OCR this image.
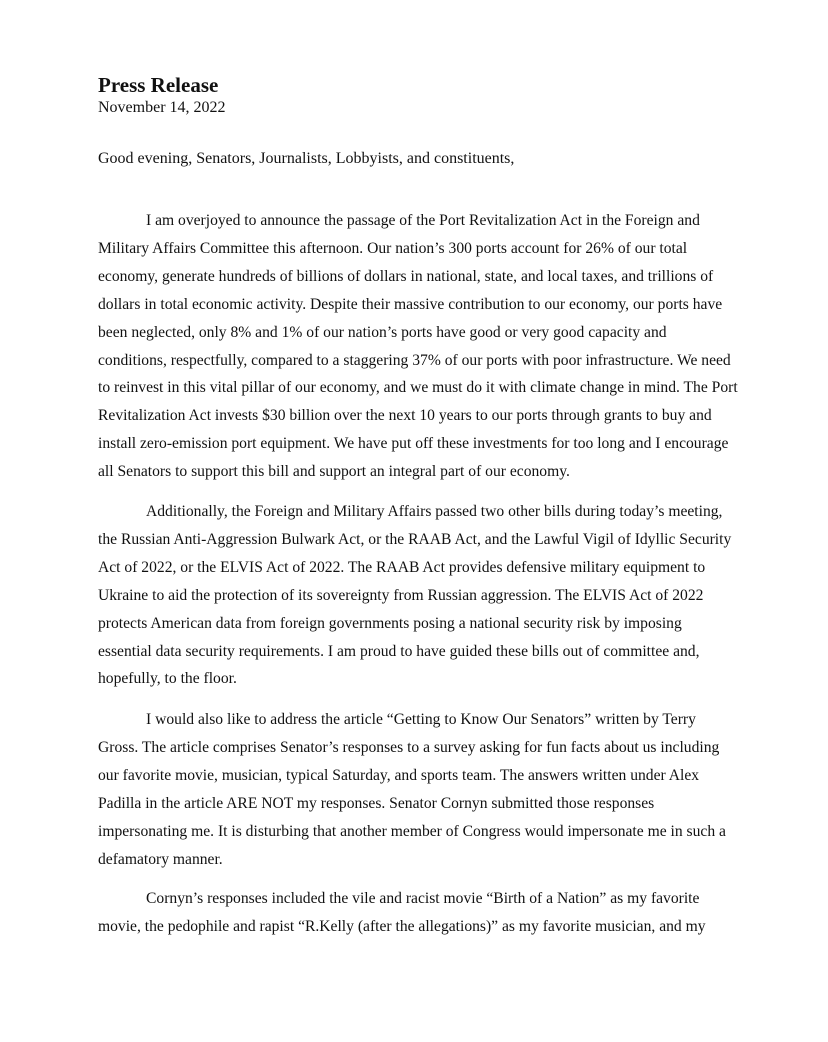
Press Release
November 14, 2022
Good evening, Senators, Journalists, Lobbyists, and constituents,

I am overjoyed to announce the passage of the Port Revitalization Act in the Foreign and Military Affairs Committee this afternoon. Our nation’s 300 ports account for 26% of our total economy, generate hundreds of billions of dollars in national, state, and local taxes, and trillions of dollars in total economic activity. Despite their massive contribution to our economy, our ports have been neglected, only 8% and 1% of our nation’s ports have good or very good capacity and conditions, respectfully, compared to a staggering 37% of our ports with poor infrastructure. We need to reinvest in this vital pillar of our economy, and we must do it with climate change in mind. The Port Revitalization Act invests $30 billion over the next 10 years to our ports through grants to buy and install zero-emission port equipment. We have put off these investments for too long and I encourage all Senators to support this bill and support an integral part of our economy.

Additionally, the Foreign and Military Affairs passed two other bills during today’s meeting, the Russian Anti-Aggression Bulwark Act, or the RAAB Act, and the Lawful Vigil of Idyllic Security Act of 2022, or the ELVIS Act of 2022. The RAAB Act provides defensive military equipment to Ukraine to aid the protection of its sovereignty from Russian aggression. The ELVIS Act of 2022 protects American data from foreign governments posing a national security risk by imposing essential data security requirements. I am proud to have guided these bills out of committee and, hopefully, to the floor.

I would also like to address the article “Getting to Know Our Senators” written by Terry Gross. The article comprises Senator’s responses to a survey asking for fun facts about us including our favorite movie, musician, typical Saturday, and sports team. The answers written under Alex Padilla in the article ARE NOT my responses. Senator Cornyn submitted those responses impersonating me. It is disturbing that another member of Congress would impersonate me in such a defamatory manner.

Cornyn’s responses included the vile and racist movie “Birth of a Nation” as my favorite movie, the pedophile and rapist “R.Kelly (after the allegations)” as my favorite musician, and my
